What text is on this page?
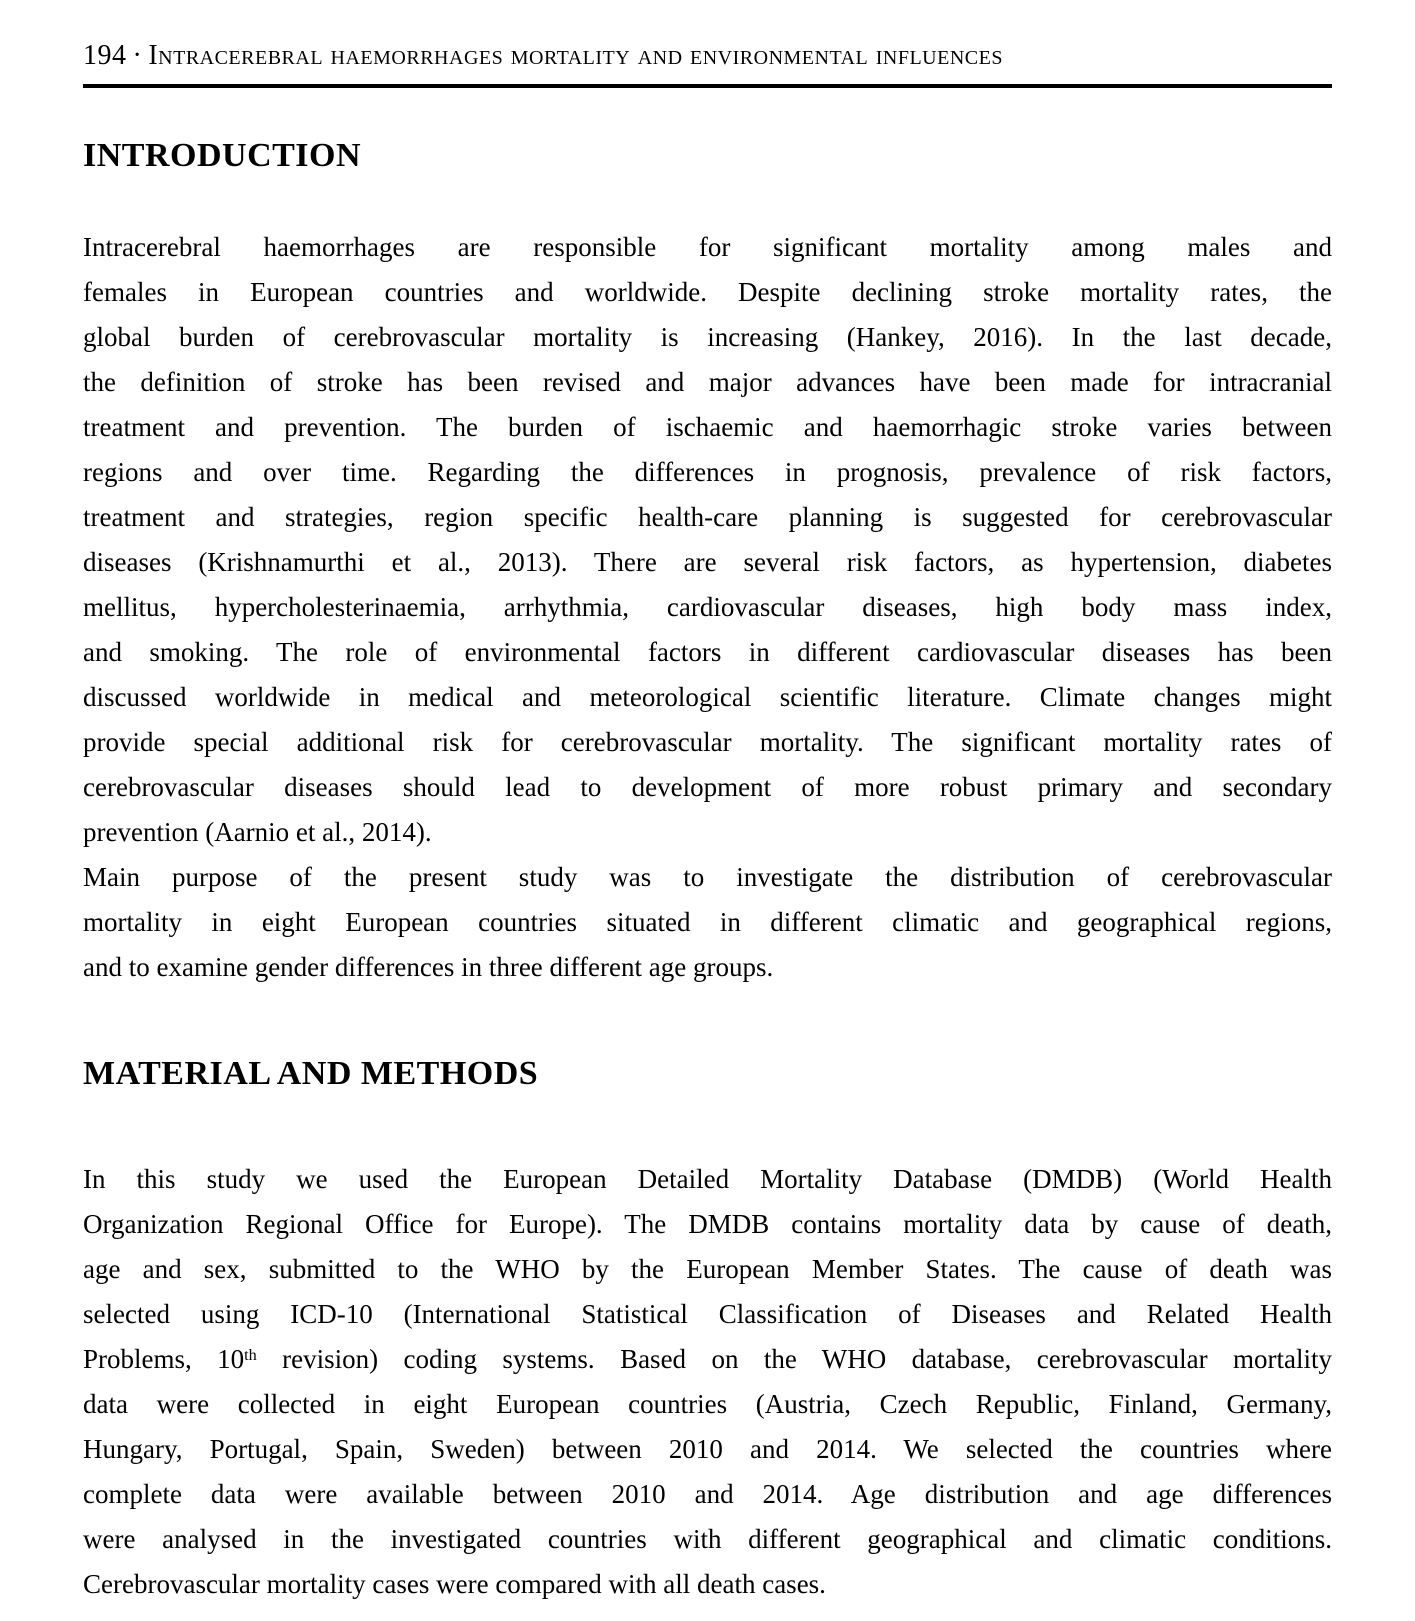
194 · Intracerebral haemorrhages mortality and environmental influences
INTRODUCTION
Intracerebral haemorrhages are responsible for significant mortality among males and
females in European countries and worldwide. Despite declining stroke mortality rates, the
global burden of cerebrovascular mortality is increasing (Hankey, 2016). In the last decade,
the definition of stroke has been revised and major advances have been made for intracranial
treatment and prevention. The burden of ischaemic and haemorrhagic stroke varies between
regions and over time. Regarding the differences in prognosis, prevalence of risk factors,
treatment and strategies, region specific health-care planning is suggested for cerebrovascular
diseases (Krishnamurthi et al., 2013). There are several risk factors, as hypertension, diabetes
mellitus, hypercholesterinaemia, arrhythmia, cardiovascular diseases, high body mass index,
and smoking. The role of environmental factors in different cardiovascular diseases has been
discussed worldwide in medical and meteorological scientific literature. Climate changes might
provide special additional risk for cerebrovascular mortality. The significant mortality rates of
cerebrovascular diseases should lead to development of more robust primary and secondary
prevention (Aarnio et al., 2014).
Main purpose of the present study was to investigate the distribution of cerebrovascular
mortality in eight European countries situated in different climatic and geographical regions,
and to examine gender differences in three different age groups.
MATERIAL AND METHODS
In this study we used the European Detailed Mortality Database (DMDB) (World Health
Organization Regional Office for Europe). The DMDB contains mortality data by cause of death,
age and sex, submitted to the WHO by the European Member States. The cause of death was
selected using ICD-10 (International Statistical Classification of Diseases and Related Health
Problems, 10th revision) coding systems. Based on the WHO database, cerebrovascular mortality
data were collected in eight European countries (Austria, Czech Republic, Finland, Germany,
Hungary, Portugal, Spain, Sweden) between 2010 and 2014. We selected the countries where
complete data were available between 2010 and 2014. Age distribution and age differences
were analysed in the investigated countries with different geographical and climatic conditions.
Cerebrovascular mortality cases were compared with all death cases.
